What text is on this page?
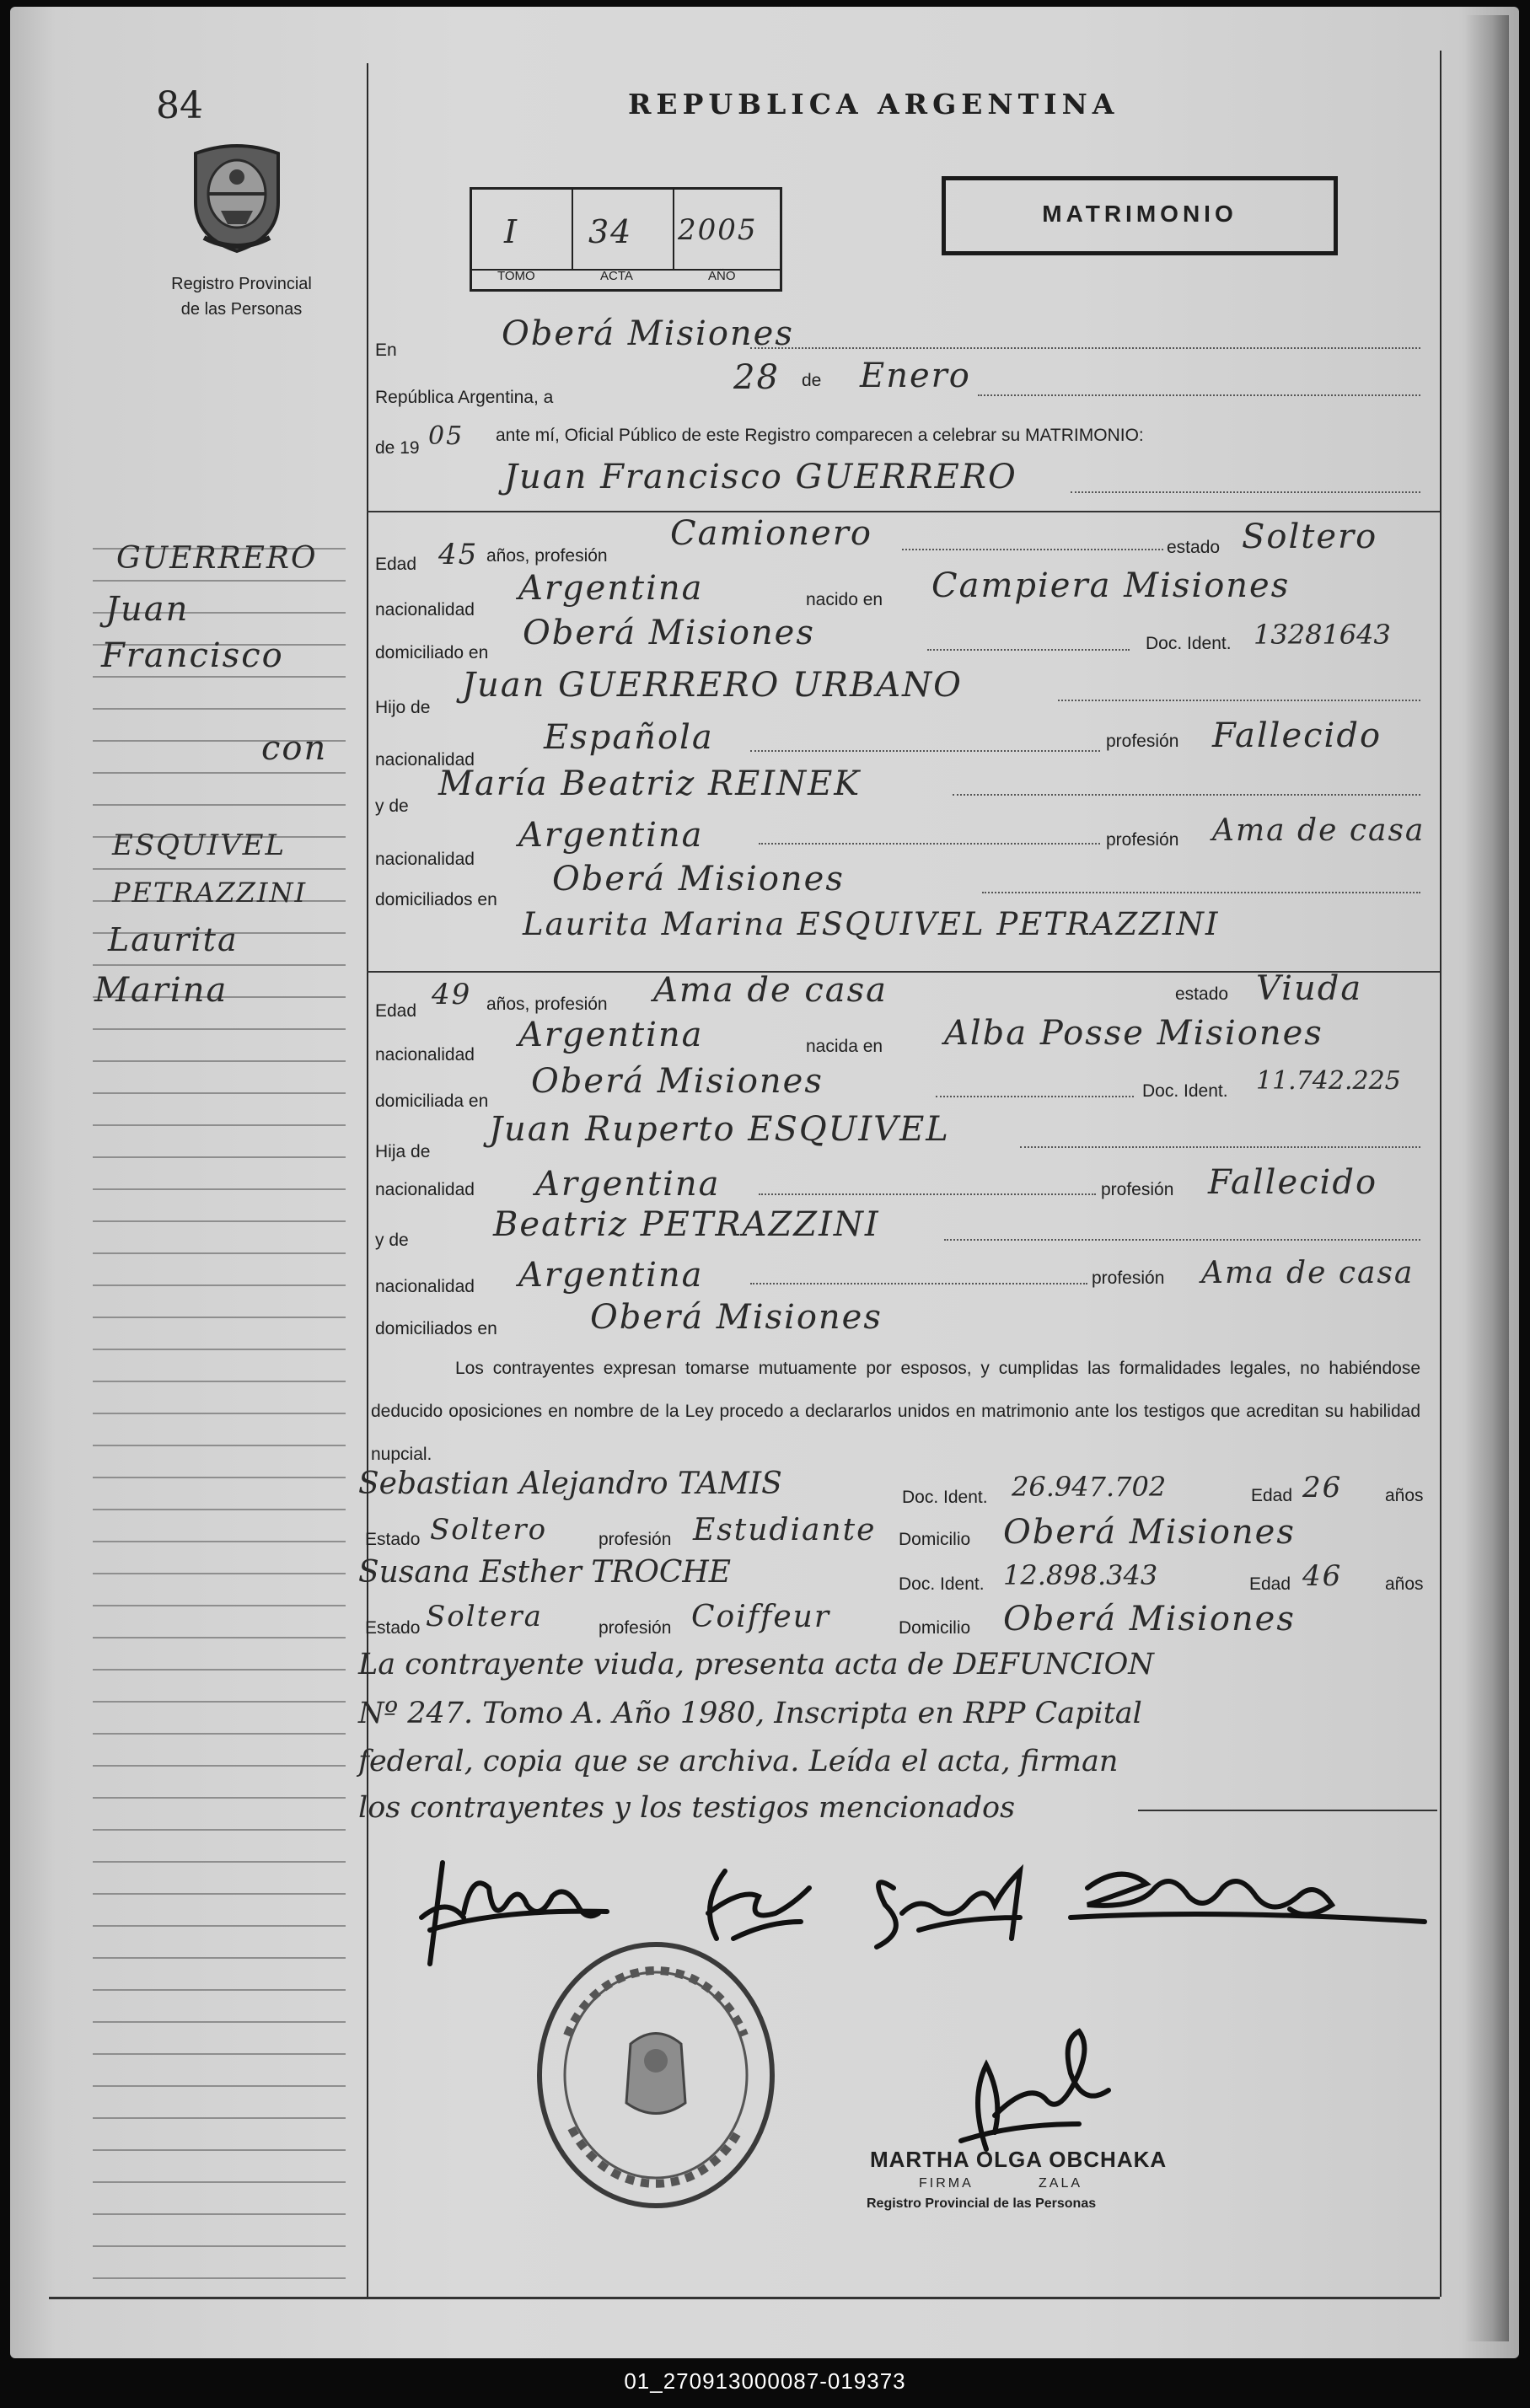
84	REPUBLICA ARGENTINA
Registro Provincial
de las Personas
I 34 2005
TOMO	ACTA	AÑO
MATRIMONIO
GUERRERO
Juan
Francisco
con
ESQUIVEL
PETRAZZINI
Laurita
Marina
En	Oberá Misiones
República Argentina, a
28 de Enero
de 19 05 ante mí, Oficial Público de este Registro comparecen a celebrar su MATRIMONIO:
Juan Francisco GUERRERO
Edad 45 años, profesión
Camionero	estado Soltero
nacionalidad
Argentina	nacido en Campiera Misiones
domiciliado en
Oberá Misiones	Doc. Ident. 13281643
Hijo de
Juan GUERRERO URBANO
nacionalidad
Española	profesión Fallecido
y de
María Beatriz REINEK
nacionalidad
Argentina	profesión Ama de casa
domiciliados en
Oberá Misiones
Laurita Marina ESQUIVEL PETRAZZINI
Edad 49 años, profesión Ama de casa	estado Viuda
nacionalidad
Argentina	nacida en Alba Posse Misiones
domiciliada en
Oberá Misiones	Doc. Ident. 11.742.225
Hija de
Juan Ruperto ESQUIVEL
nacionalidad Argentina	profesión Fallecido
y de	Beatriz PETRAZZINI
nacionalidad Argentina	profesión Ama de casa
domiciliados en	Oberá Misiones
Los contrayentes expresan tomarse mutuamente por esposos, y cumplidas las formalidades legales, no habiéndose deducido oposiciones en nombre de la Ley procedo a declararlos unidos en matrimonio ante los testigos que acreditan su habilidad nupcial.
Sebastian Alejandro TAMIS	Doc. Ident. 26.947.702	Edad 26 años
Estado Soltero	profesión Estudiante Domicilio Oberá Misiones
Susana Esther TROCHE	Doc. Ident. 12.898.343	Edad 46 años
Estado Soltera	profesión Coiffeur	Domicilio Oberá Misiones
La contrayente viuda, presenta acta de DEFUNCION
Nº 247. Tomo A. Año 1980, Inscripta en RPP Capital
federal, copia que se archiva. Leída el acta, firman
los contrayentes y los testigos mencionados
MARTHA OLGA OBCHAKA
FIRMA	ZALA
Registro Provincial de las Personas
01_270913000087-019373
